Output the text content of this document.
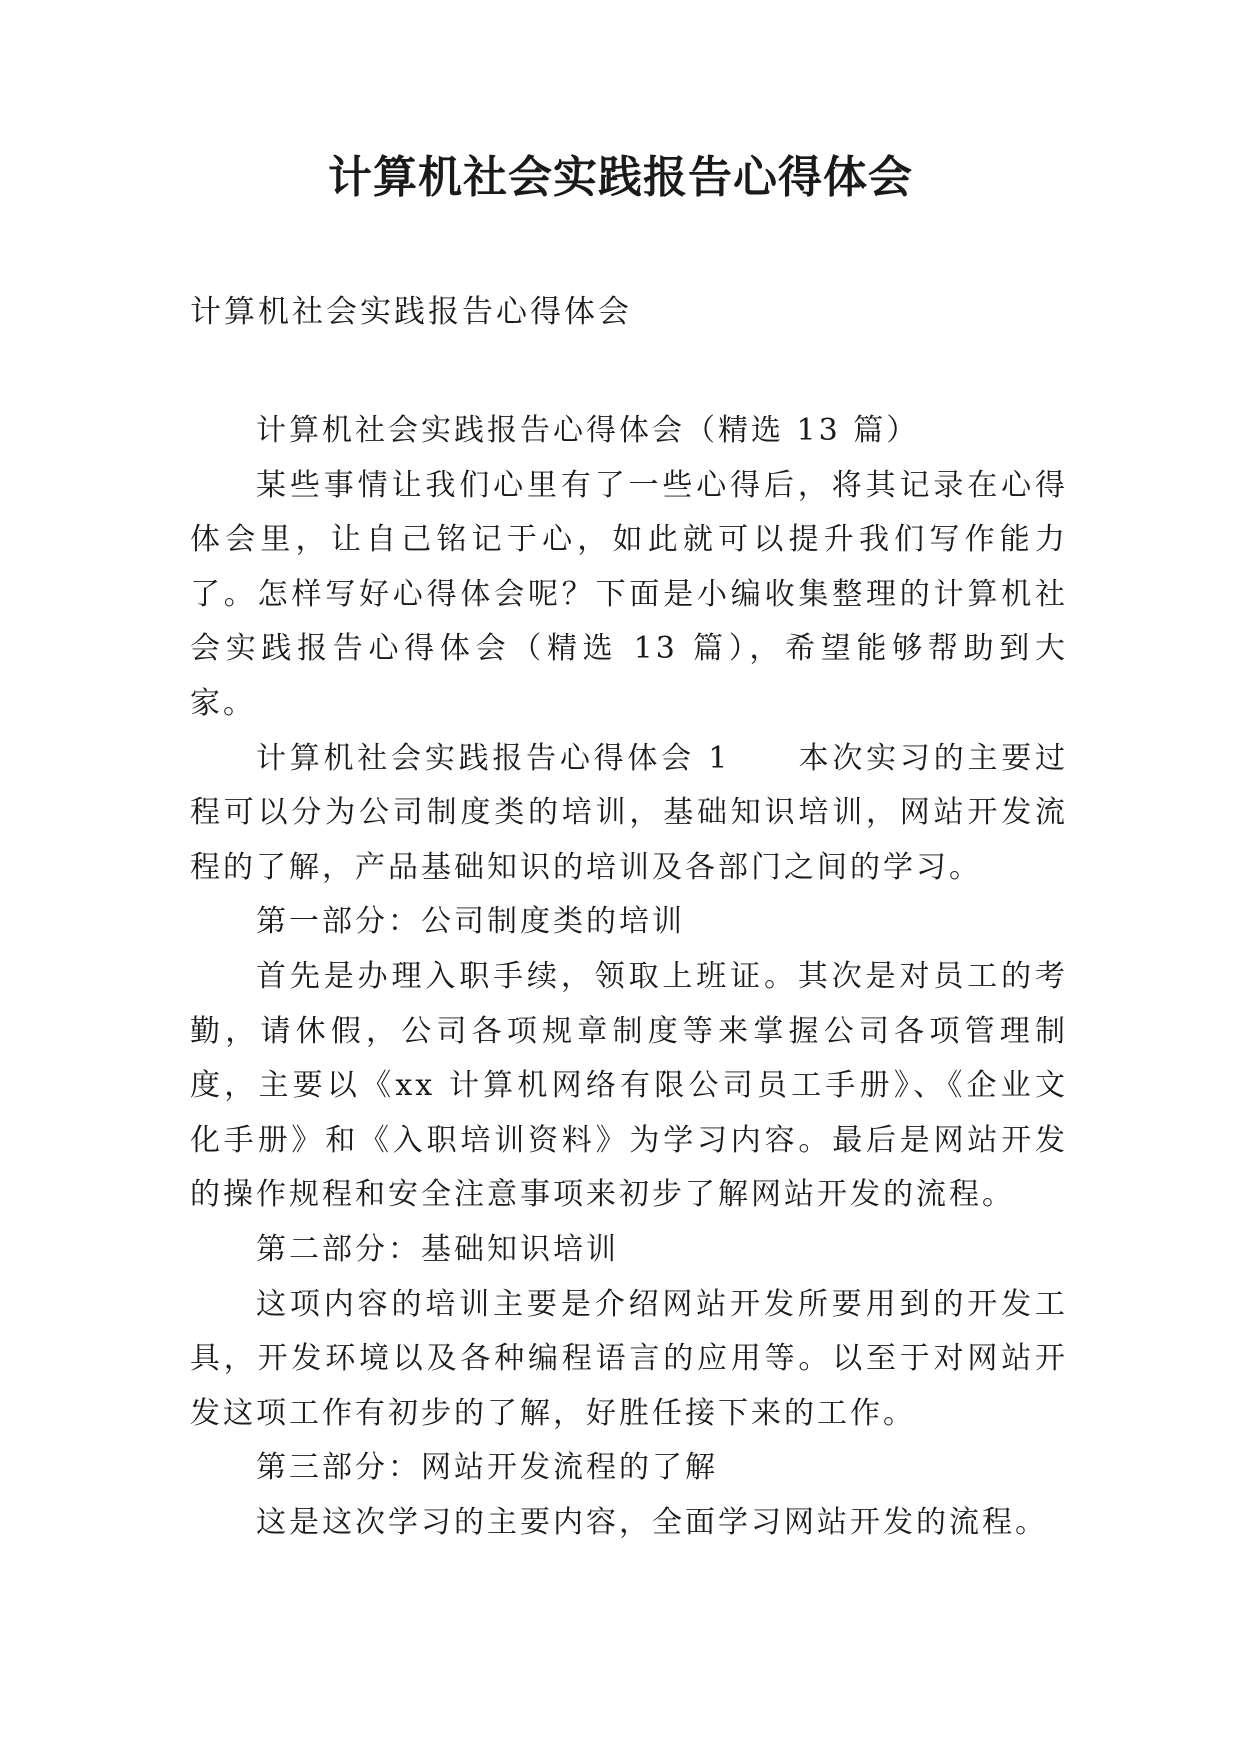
计算机社会实践报告心得体会

计算机社会实践报告心得体会

计算机社会实践报告心得体会（精选 13 篇）

某些事情让我们心里有了一些心得后，将其记录在心得体会里，让自己铭记于心，如此就可以提升我们写作能力了。怎样写好心得体会呢？下面是小编收集整理的计算机社会实践报告心得体会（精选 13 篇），希望能够帮助到大家。

计算机社会实践报告心得体会 1　　本次实习的主要过程可以分为公司制度类的培训，基础知识培训，网站开发流程的了解，产品基础知识的培训及各部门之间的学习。

第一部分：公司制度类的培训

首先是办理入职手续，领取上班证。其次是对员工的考勤，请休假，公司各项规章制度等来掌握公司各项管理制度，主要以《xx 计算机网络有限公司员工手册》、《企业文化手册》和《入职培训资料》为学习内容。最后是网站开发的操作规程和安全注意事项来初步了解网站开发的流程。

第二部分：基础知识培训

这项内容的培训主要是介绍网站开发所要用到的开发工具，开发环境以及各种编程语言的应用等。以至于对网站开发这项工作有初步的了解，好胜任接下来的工作。

第三部分：网站开发流程的了解

这是这次学习的主要内容，全面学习网站开发的流程。
